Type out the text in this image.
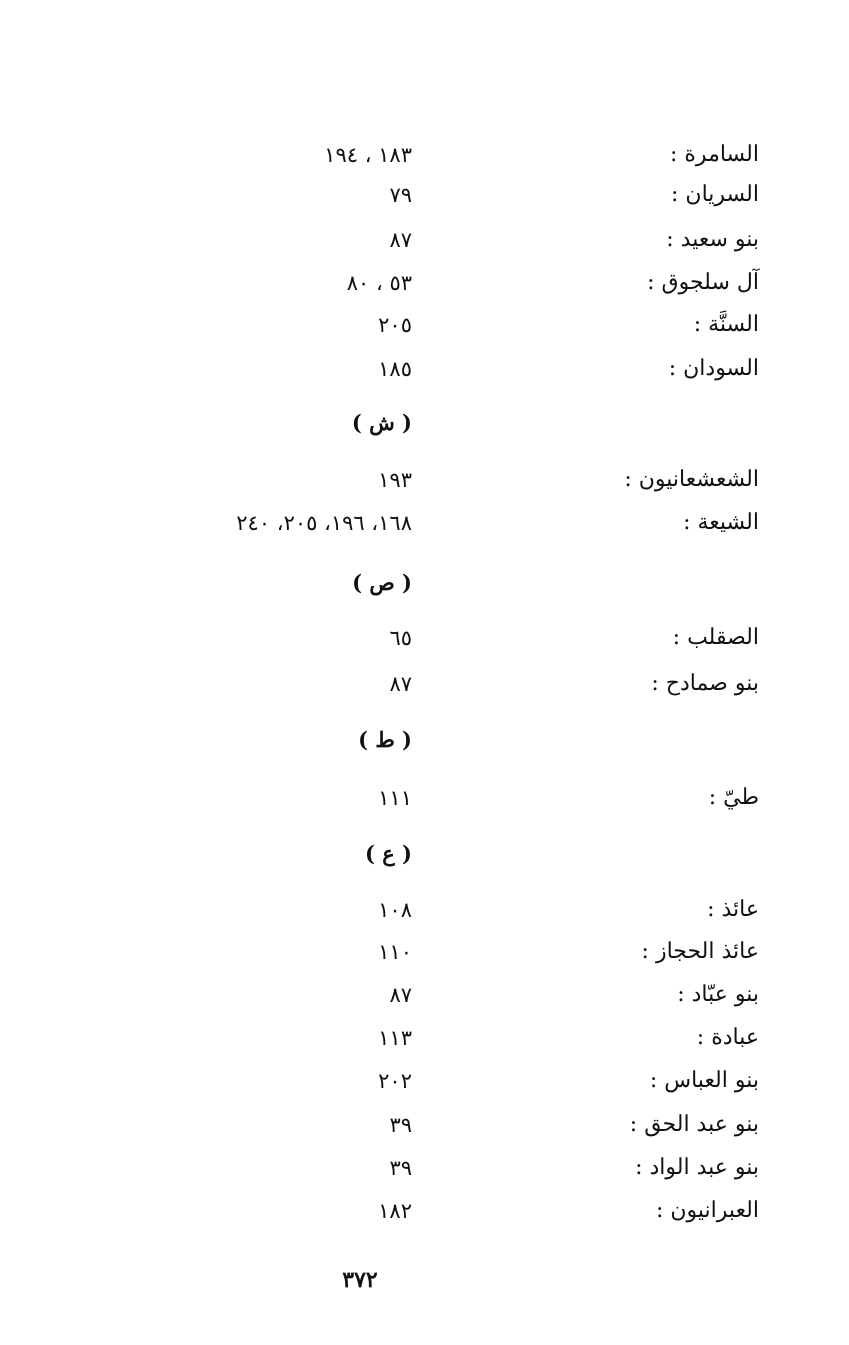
السامرة :
١٨٣ ، ١٩٤
السريان :
٧٩
بنو سعيد :
٨٧
آل سلجوق :
٥٣ ، ٨٠
السنَّة :
٢٠٥
السودان :
١٨٥
( ش )
الشعشعانيون :
١٩٣
الشيعة :
١٦٨، ١٩٦، ٢٠٥، ٢٤٠
( ص )
الصقلب :
٦٥
بنو صمادح :
٨٧
( ط )
طيّ :
١١١
( ع )
عائذ :
١٠٨
عائذ الحجاز :
١١٠
بنو عبّاد :
٨٧
عبادة :
١١٣
بنو العباس :
٢٠٢
بنو عبد الحق :
٣٩
بنو عبد الواد :
٣٩
العبرانيون :
١٨٢
٣٧٢
